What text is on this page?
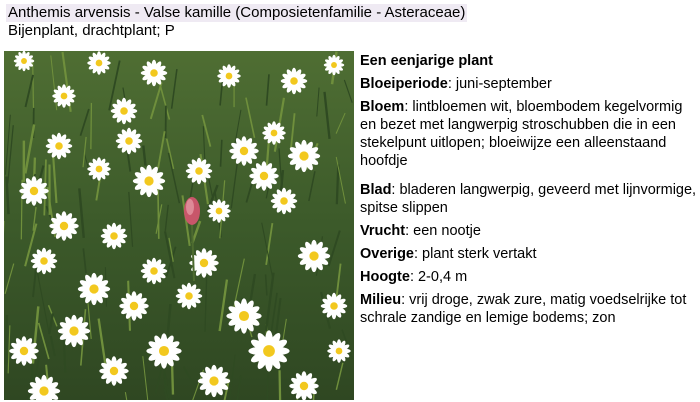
Anthemis arvensis - Valse kamille (Composietenfamilie - Asteraceae)
Bijenplant, drachtplant; P

Een eenjarige plant

Bloeiperiode: juni-september

Bloem: lintbloemen wit, bloembodem kegelvormig en bezet met langwerpig stroschubben die in een stekelpunt uitlopen; bloeiwijze een alleenstaand hoofdje

Blad: bladeren langwerpig, geveerd met lijnvormige, spitse slippen

Vrucht: een nootje

Overige: plant sterk vertakt

Hoogte: 2-0,4 m

Milieu: vrij droge, zwak zure, matig voedselrijke tot schrale zandige en lemige bodems; zon
